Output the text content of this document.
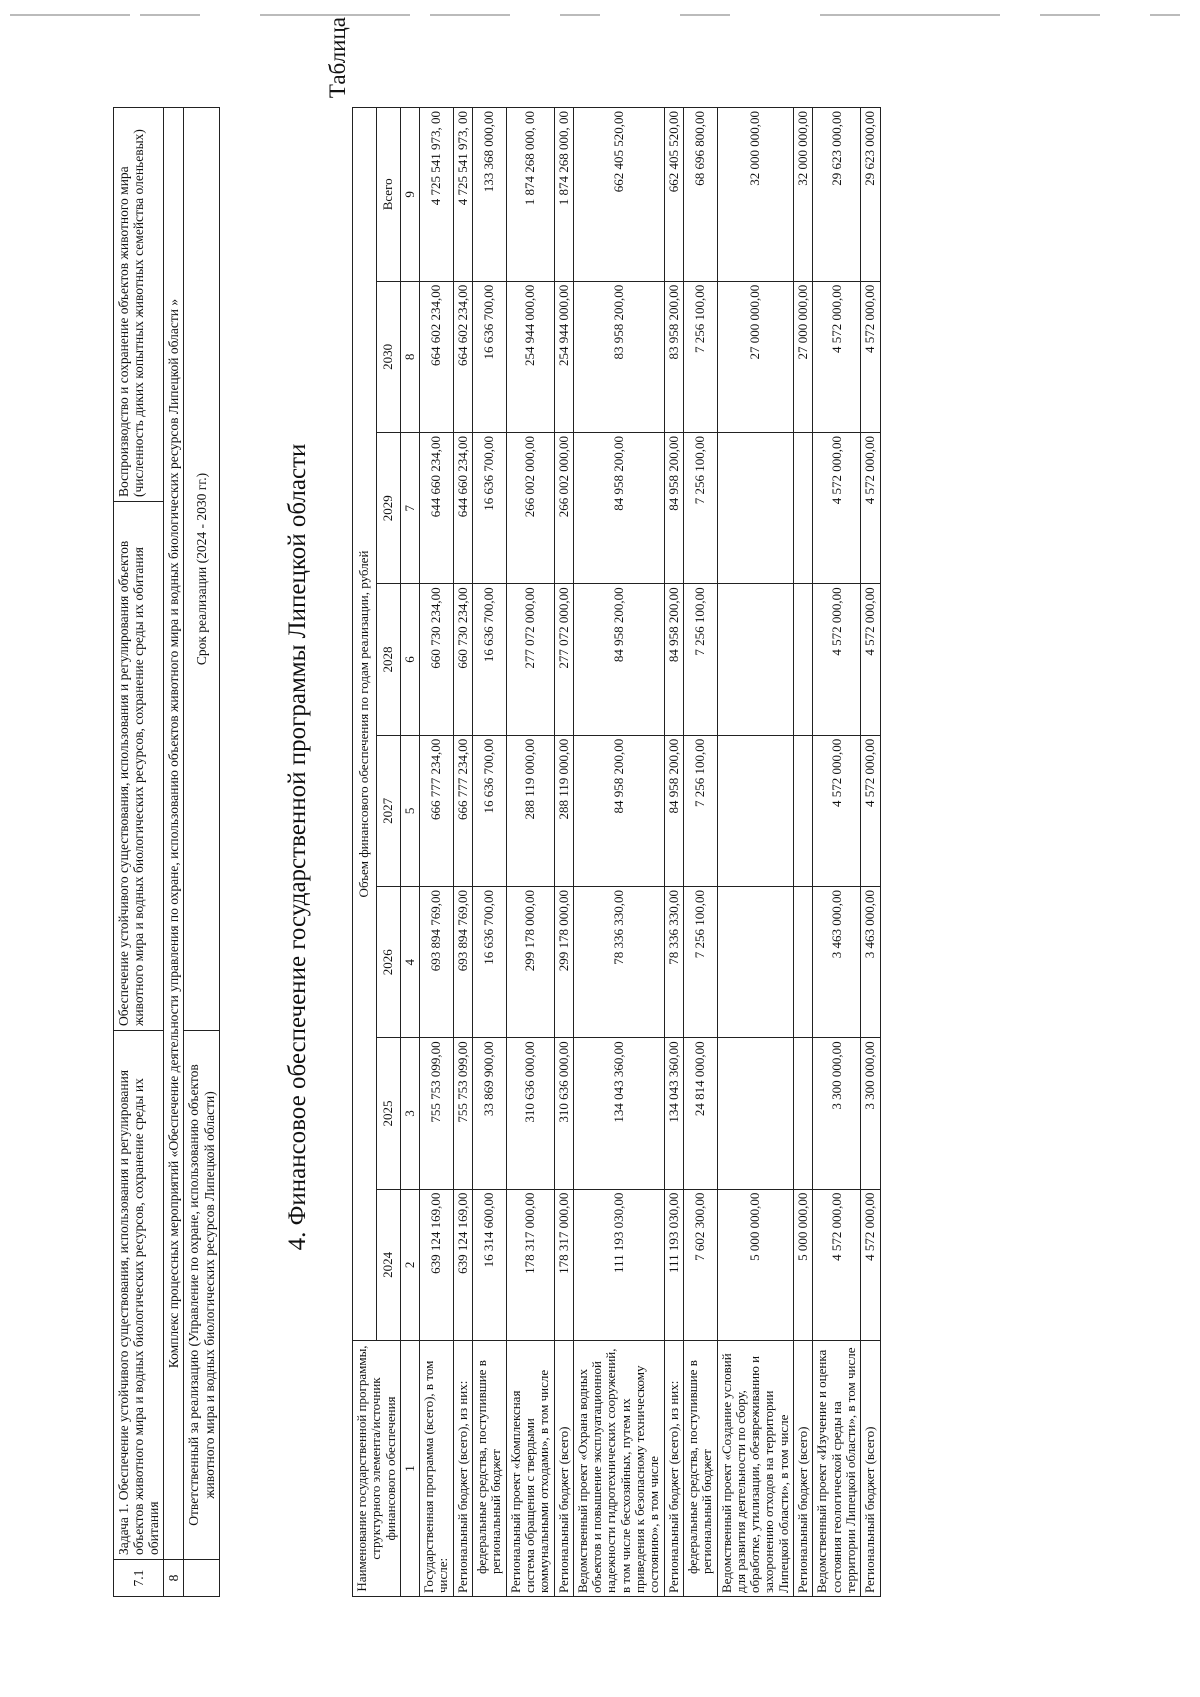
7.1	Задача 1. Обеспечение устойчивого существования, использования и регулирования объектов животного мира и водных биологических ресурсов, сохранение среды их обитания	Обеспечение устойчивого существования, использования и регулирования объектов животного мира и водных биологических ресурсов, сохранение среды их обитания	Воспроизводство и сохранение объектов животного мира (численность диких копытных животных семейства оленьевых)
8	Комплекс процессных мероприятий «Обеспечение деятельности управления по охране, использованию объектов животного мира и водных биологических ресурсов Липецкой области »		
	Ответственный за реализацию (Управление по охране, использованию объектов животного мира и водных биологических ресурсов Липецкой области)	Срок реализации (2024 - 2030 гг.)		4. Финансовое обеспечение государственной программы Липецкой области
Таблица
Наименование государственной программы, структурного элемента/источник финансового обеспечения	Объем финансового обеспечения по годам реализации, рублей							
	2024	2025	2026	2027	2028	2029	2030	Всего
1	2	3	4	5	6	7	8	9
Государственная программа (всего), в том числе:	639 124 169,00	755 753 099,00	693 894 769,00	666 777 234,00	660 730 234,00	644 660 234,00	664 602 234,00	4 725 541 973, 00
Региональный бюджет (всего), из них:	639 124 169,00	755 753 099,00	693 894 769,00	666 777 234,00	660 730 234,00	644 660 234,00	664 602 234,00	4 725 541 973, 00
федеральные средства, поступившие в региональный бюджет	16 314 600,00	33 869 900,00	16 636 700,00	16 636 700,00	16 636 700,00	16 636 700,00	16 636 700,00	133 368 000,00
Региональный проект «Комплексная система обращения с твердыми коммунальными отходами», в том числе	178 317 000,00	310 636 000,00	299 178 000,00	288 119 000,00	277 072 000,00	266 002 000,00	254 944 000,00	1 874 268 000, 00
Региональный бюджет (всего)	178 317 000,00	310 636 000,00	299 178 000,00	288 119 000,00	277 072 000,00	266 002 000,00	254 944 000,00	1 874 268 000, 00
Ведомственный проект «Охрана водных объектов и повышение эксплуатационной надежности гидротехнических сооружений, в том числе бесхозяйных, путем их приведения к безопасному техническому состоянию», в том числе	111 193 030,00	134 043 360,00	78 336 330,00	84 958 200,00	84 958 200,00	84 958 200,00	83 958 200,00	662 405 520,00
Региональный бюджет (всего), из них:	111 193 030,00	134 043 360,00	78 336 330,00	84 958 200,00	84 958 200,00	84 958 200,00	83 958 200,00	662 405 520,00
федеральные средства, поступившие в региональный бюджет	7 602 300,00	24 814 000,00	7 256 100,00	7 256 100,00	7 256 100,00	7 256 100,00	7 256 100,00	68 696 800,00
Ведомственный проект «Создание условий для развития деятельности по сбору, обработке, утилизации, обезвреживанию и захоронению отходов на территории Липецкой области», в том числе	5 000 000,00						27 000 000,00	32 000 000,00
Региональный бюджет (всего)	5 000 000,00						27 000 000,00	32 000 000,00
Ведомственный проект «Изучение и оценка состояния геологической среды на территории Липецкой области», в том числе	4 572 000,00	3 300 000,00	3 463 000,00	4 572 000,00	4 572 000,00	4 572 000,00	4 572 000,00	29 623 000,00
Региональный бюджет (всего)	4 572 000,00	3 300 000,00	3 463 000,00	4 572 000,00	4 572 000,00	4 572 000,00	4 572 000,00	29 623 000,00
